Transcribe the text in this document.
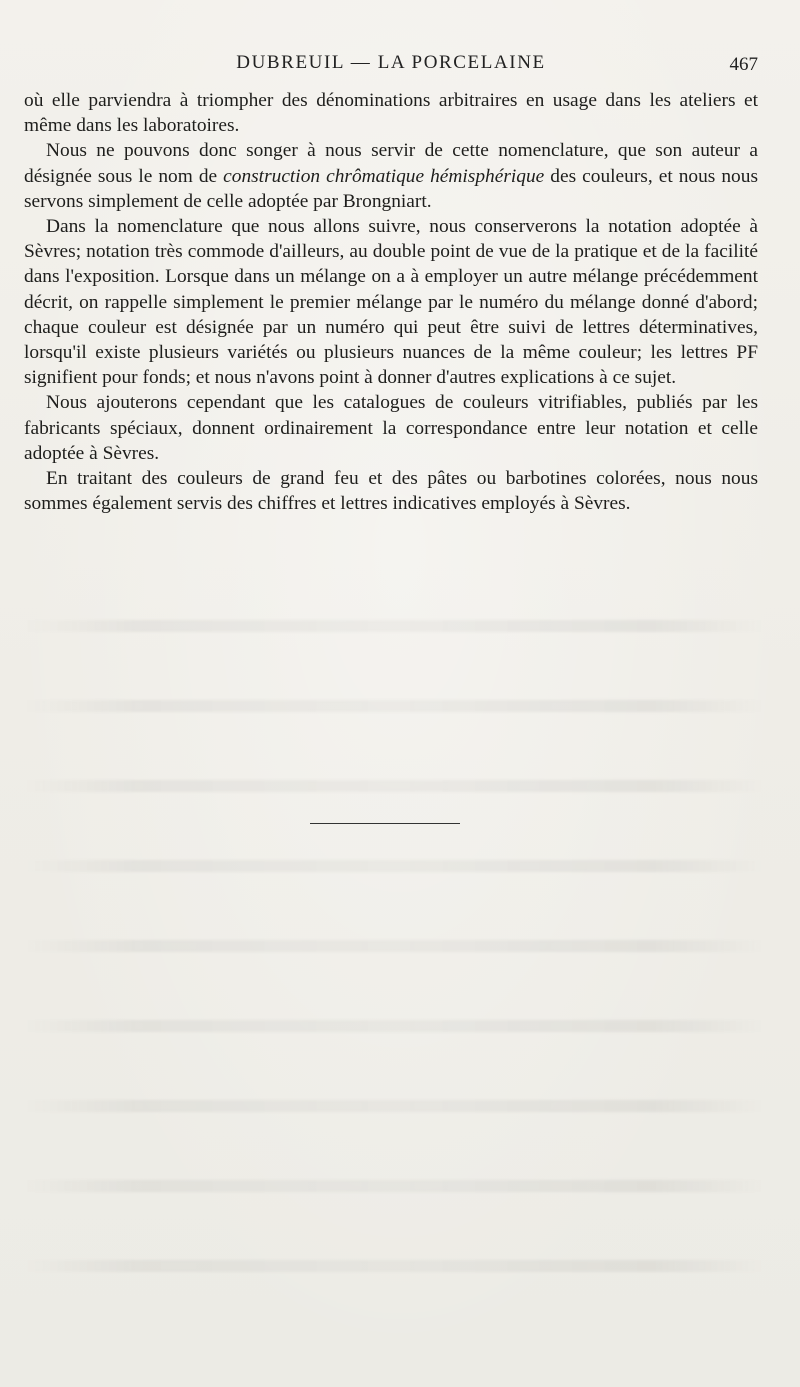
DUBREUIL — LA PORCELAINE	467

où elle parviendra à triompher des dénominations arbitraires en usage dans les ateliers et même dans les laboratoires.

Nous ne pouvons donc songer à nous servir de cette nomenclature, que son auteur a désignée sous le nom de construction chrômatique hémisphérique des couleurs, et nous nous servons simplement de celle adoptée par Brongniart.

Dans la nomenclature que nous allons suivre, nous conserverons la notation adoptée à Sèvres; notation très commode d'ailleurs, au double point de vue de la pratique et de la facilité dans l'exposition. Lorsque dans un mélange on a à employer un autre mélange précédemment décrit, on rappelle simplement le premier mélange par le numéro du mélange donné d'abord; chaque couleur est désignée par un numéro qui peut être suivi de lettres déterminatives, lorsqu'il existe plusieurs variétés ou plusieurs nuances de la même couleur; les lettres PF signifient pour fonds; et nous n'avons point à donner d'autres explications à ce sujet.

Nous ajouterons cependant que les catalogues de couleurs vitrifiables, publiés par les fabricants spéciaux, donnent ordinairement la correspondance entre leur notation et celle adoptée à Sèvres.

En traitant des couleurs de grand feu et des pâtes ou barbotines colorées, nous nous sommes également servis des chiffres et lettres indicatives employés à Sèvres.
